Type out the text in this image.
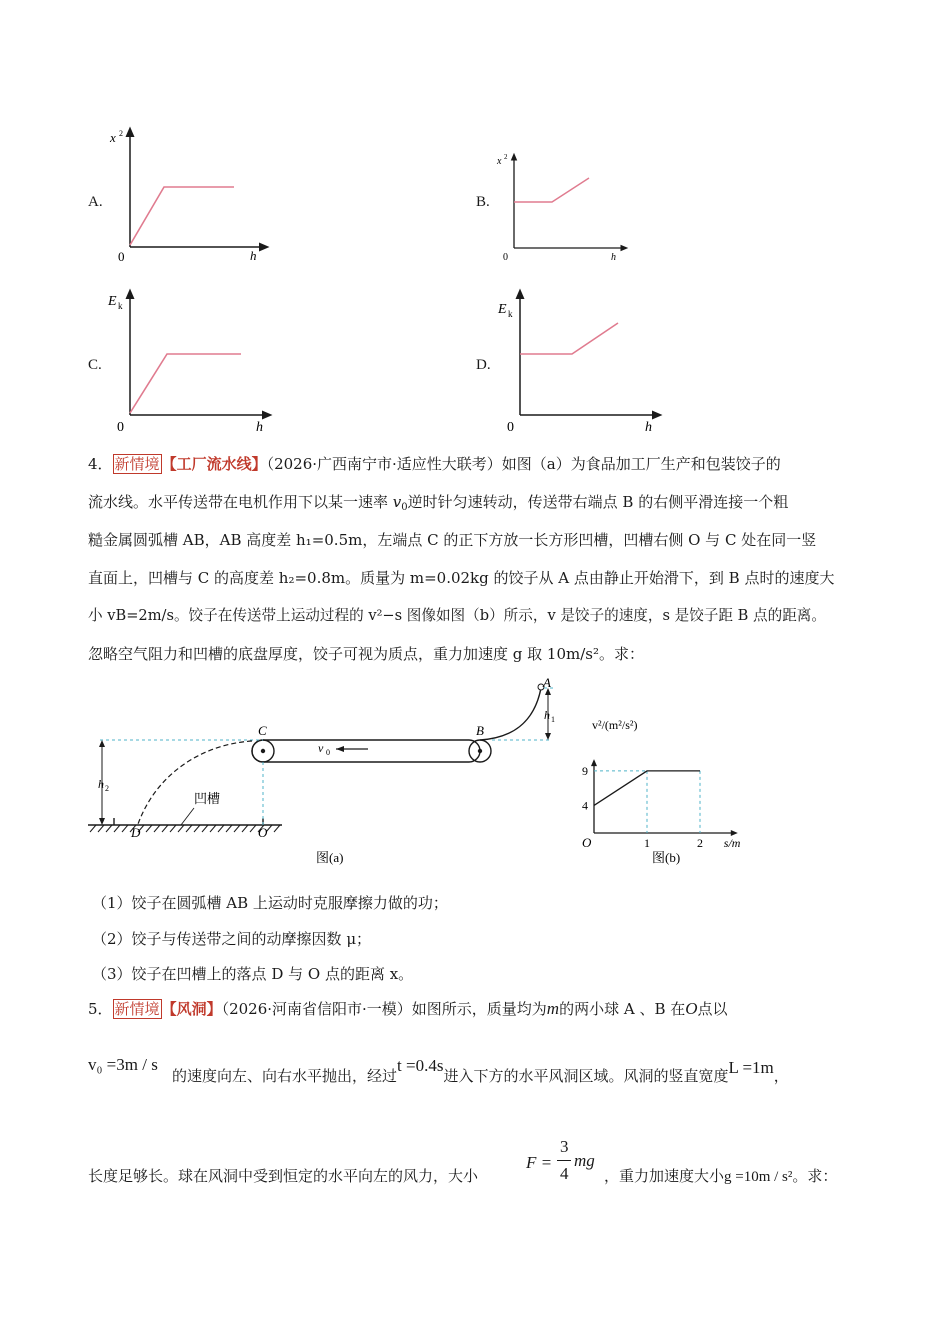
A.
x 2
h
0
B.
x 2
h
0
C.
E k
h
0
D.
E k
h
0
4． 新情境 【工厂流水线】（2026·广西南宁市·适应性大联考）如图（a）为食品加工厂生产和包装饺子的
流水线。水平传送带在电机作用下以某一速率 $v_0$逆时针匀速转动，传送带右端点 B 的右侧平滑连接一个粗
糙金属圆弧槽 AB，AB 高度差 h₁=0.5m，左端点 C 的正下方放一长方形凹槽，凹槽右侧 O 与 C 处在同一竖
直面上，凹槽与 C 的高度差 h₂=0.8m。质量为 m=0.02kg 的饺子从 A 点由静止开始滑下，到 B 点时的速度大
小 vB=2m/s。饺子在传送带上运动过程的 v²−s 图像如图（b）所示，v 是饺子的速度，s 是饺子距 B 点的距离。
忽略空气阻力和凹槽的底盘厚度，饺子可视为质点，重力加速度 g 取 10m/s²。求：
v 0
h 2
h 1
C	B
A
D	O
凹槽
图(a)
1	2
4
9
v²/(m²/s²)
s/m
O
图(b)
（1）饺子在圆弧槽 AB 上运动时克服摩擦力做的功；
（2）饺子与传送带之间的动摩擦因数 μ；
（3）饺子在凹槽上的落点 D 与 O 点的距离 x。
5． 新情境 【风洞】（2026·河南省信阳市·一模）如图所示，质量均为m的两小球 A 、B 在O点以
v₀ =3m / s
的速度向左、向右水平抛出，经过t =0.4s进入下方的水平风洞区域。风洞的竖直宽度L =1m，
长度足够长。球在风洞中受到恒定的水平向左的风力，大小
F =
3
4
mg
，重力加速度大小g =10m / s²。求：
